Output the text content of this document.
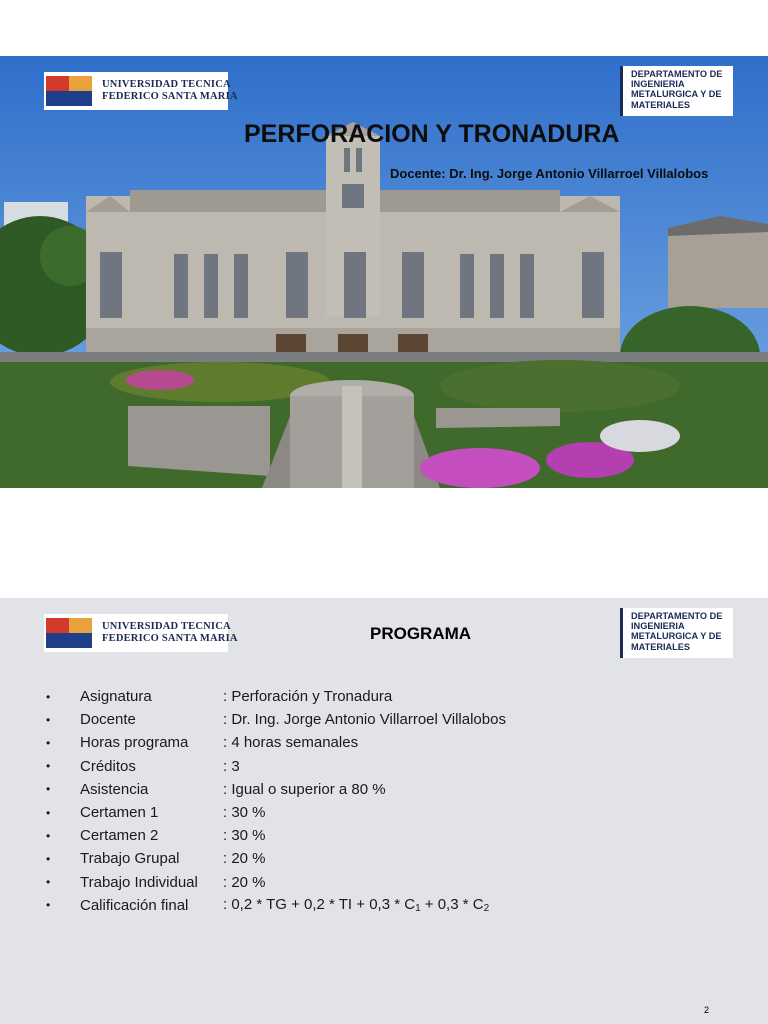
UNIVERSIDAD TECNICA
FEDERICO SANTA MARIA
DEPARTAMENTO DE
INGENIERIA
METALURGICA Y DE
MATERIALES
PERFORACION Y TRONADURA
Docente: Dr. Ing. Jorge Antonio Villarroel Villalobos
UNIVERSIDAD TECNICA
FEDERICO SANTA MARIA
DEPARTAMENTO DE
INGENIERIA
METALURGICA Y DE
MATERIALES
PROGRAMA
•	Asignatura	: Perforación y Tronadura
•	Docente	: Dr. Ing. Jorge Antonio Villarroel Villalobos
•	Horas programa	: 4 horas semanales
•	Créditos	: 3
•	Asistencia	: Igual o superior a 80 %
•	Certamen 1	: 30 %
•	Certamen 2	: 30 %
•	Trabajo Grupal	: 20 %
•	Trabajo Individual	: 20 %
•	Calificación final	: 0,2 * TG + 0,2 * TI + $0,3 * C_1 + 0,3 * C_2$
2
